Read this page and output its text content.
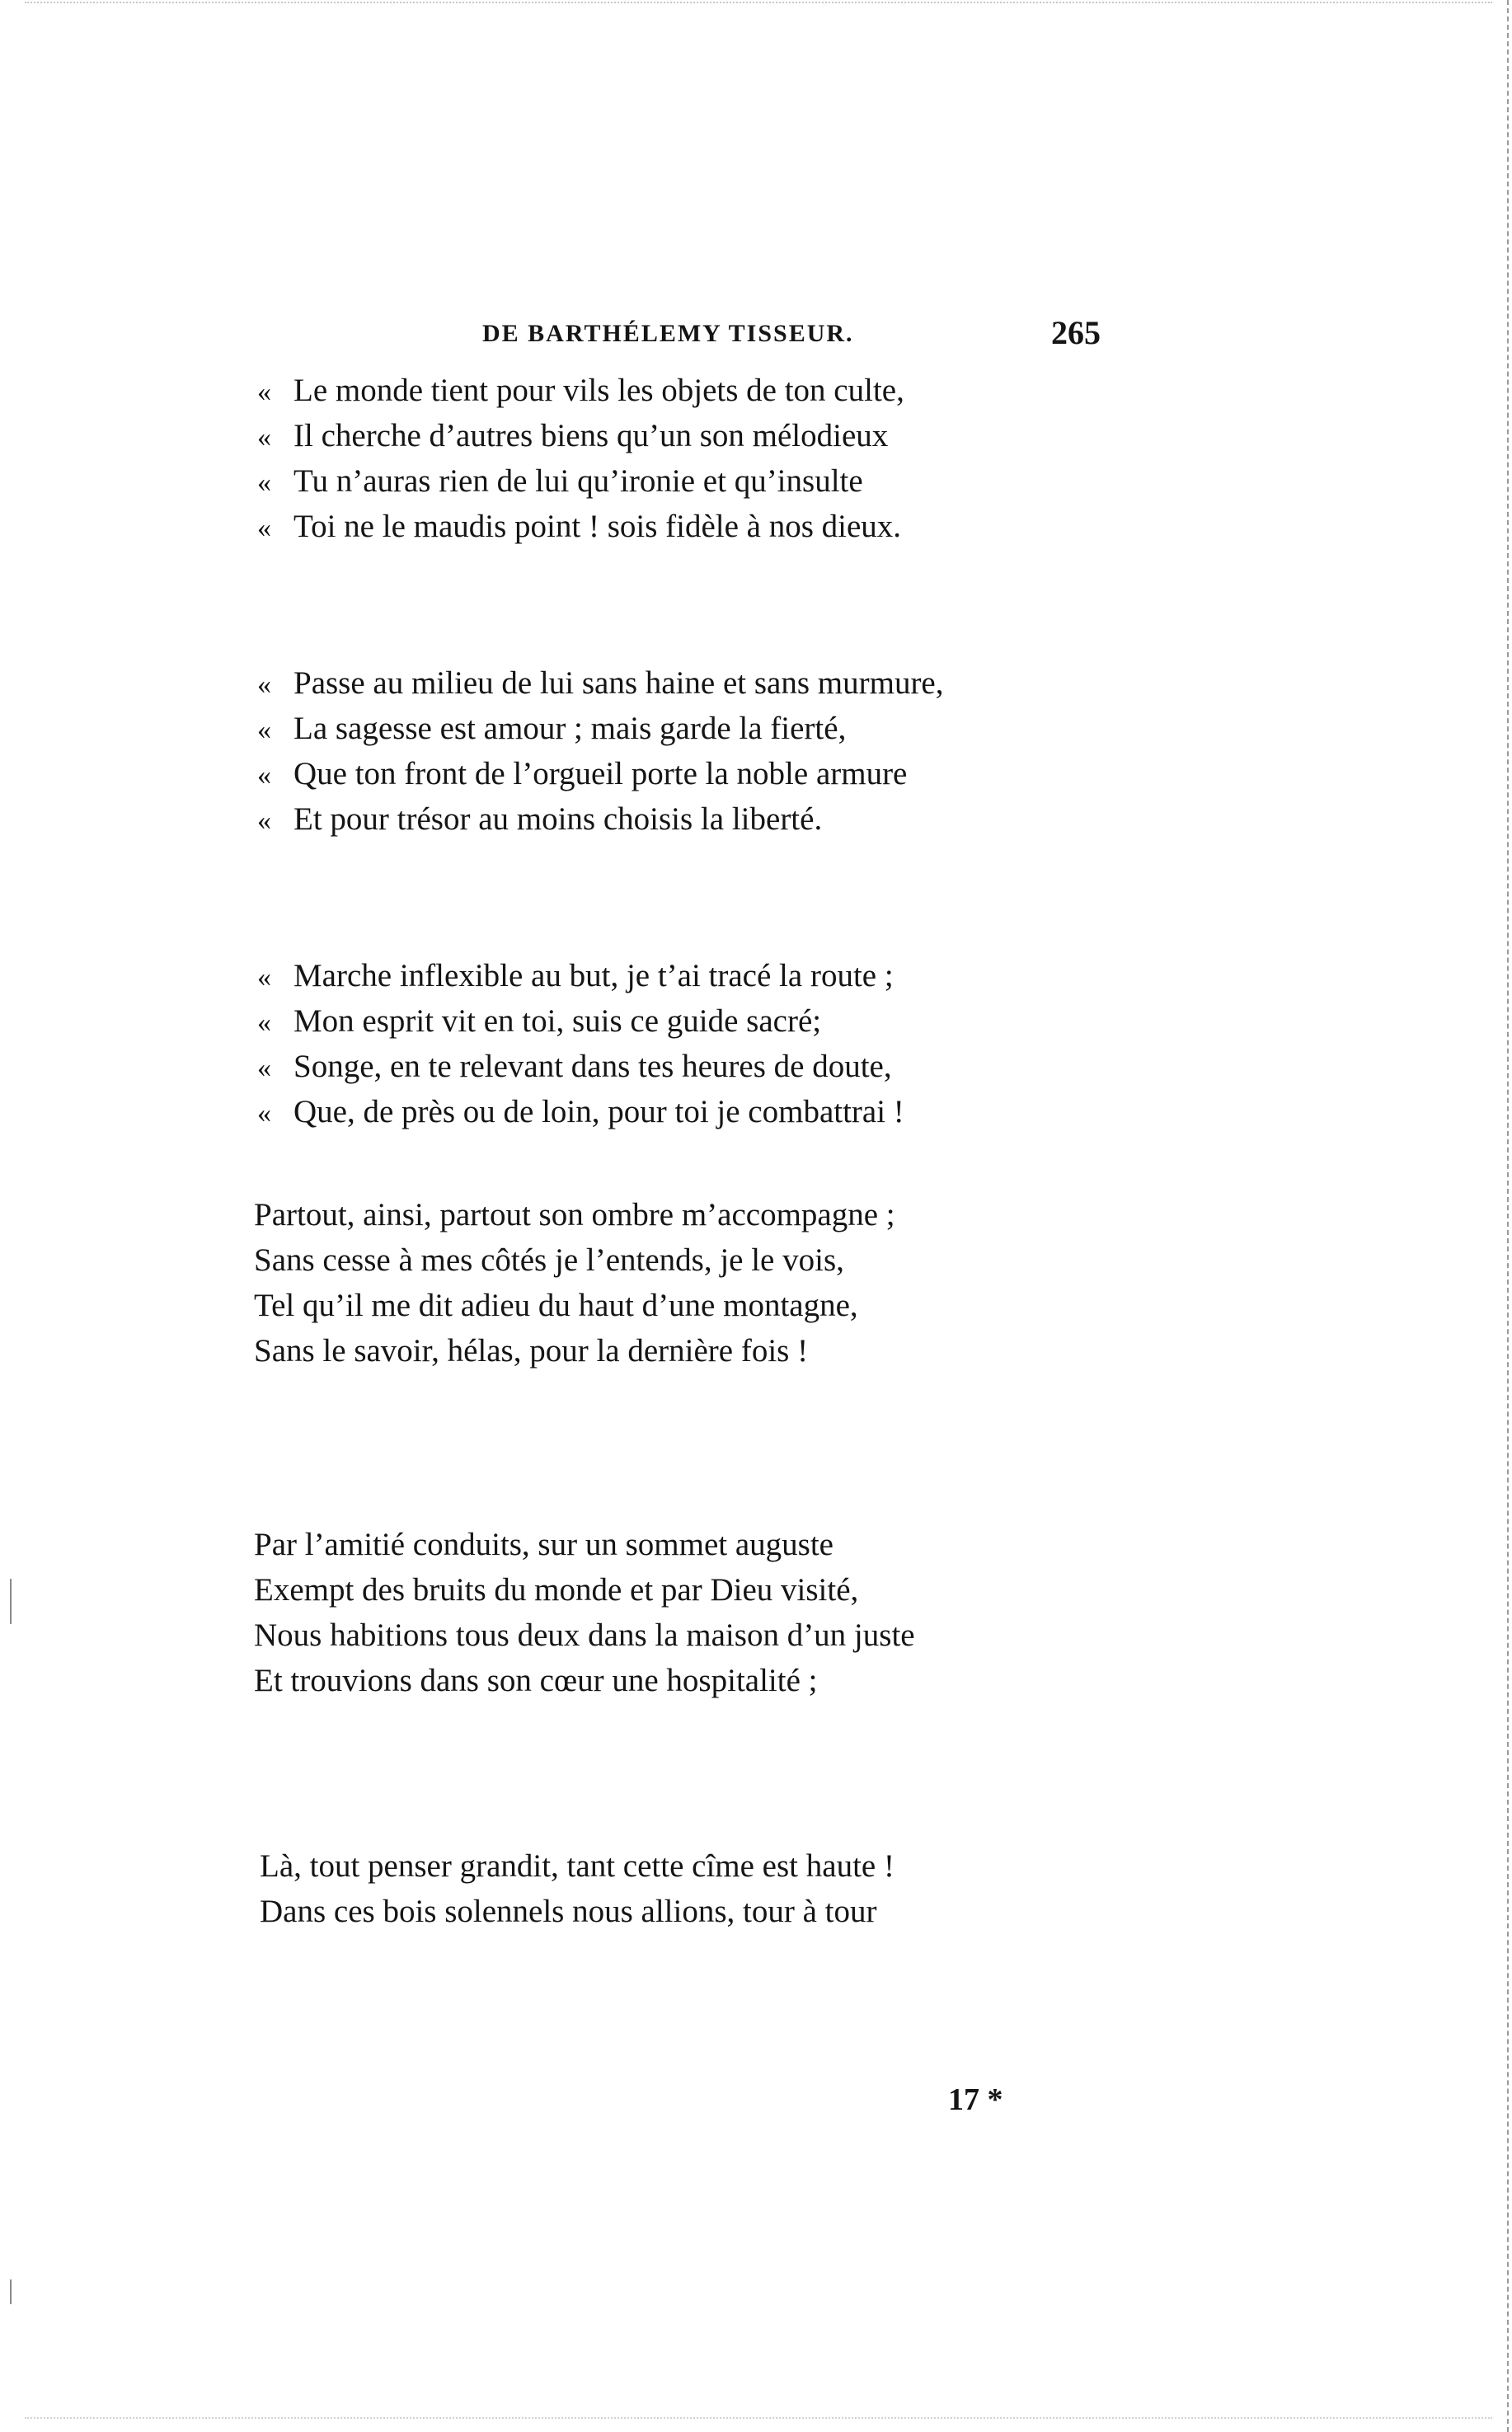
DE BARTHÉLEMY TISSEUR.	265
« Le monde tient pour vils les objets de ton culte,
« Il cherche d’autres biens qu’un son mélodieux
« Tu n’auras rien de lui qu’ironie et qu’insulte
« Toi ne le maudis point ! sois fidèle à nos dieux.
« Passe au milieu de lui sans haine et sans murmure,
« La sagesse est amour ; mais garde la fierté,
« Que ton front de l’orgueil porte la noble armure
« Et pour trésor au moins choisis la liberté.
« Marche inflexible au but, je t’ai tracé la route ;
« Mon esprit vit en toi, suis ce guide sacré;
« Songe, en te relevant dans tes heures de doute,
« Que, de près ou de loin, pour toi je combattrai !
Partout, ainsi, partout son ombre m’accompagne ;
Sans cesse à mes côtés je l’entends, je le vois,
Tel qu’il me dit adieu du haut d’une montagne,
Sans le savoir, hélas, pour la dernière fois !
Par l’amitié conduits, sur un sommet auguste
Exempt des bruits du monde et par Dieu visité,
Nous habitions tous deux dans la maison d’un juste
Et trouvions dans son cœur une hospitalité ;
Là, tout penser grandit, tant cette cîme est haute !
Dans ces bois solennels nous allions, tour à tour
17 *
